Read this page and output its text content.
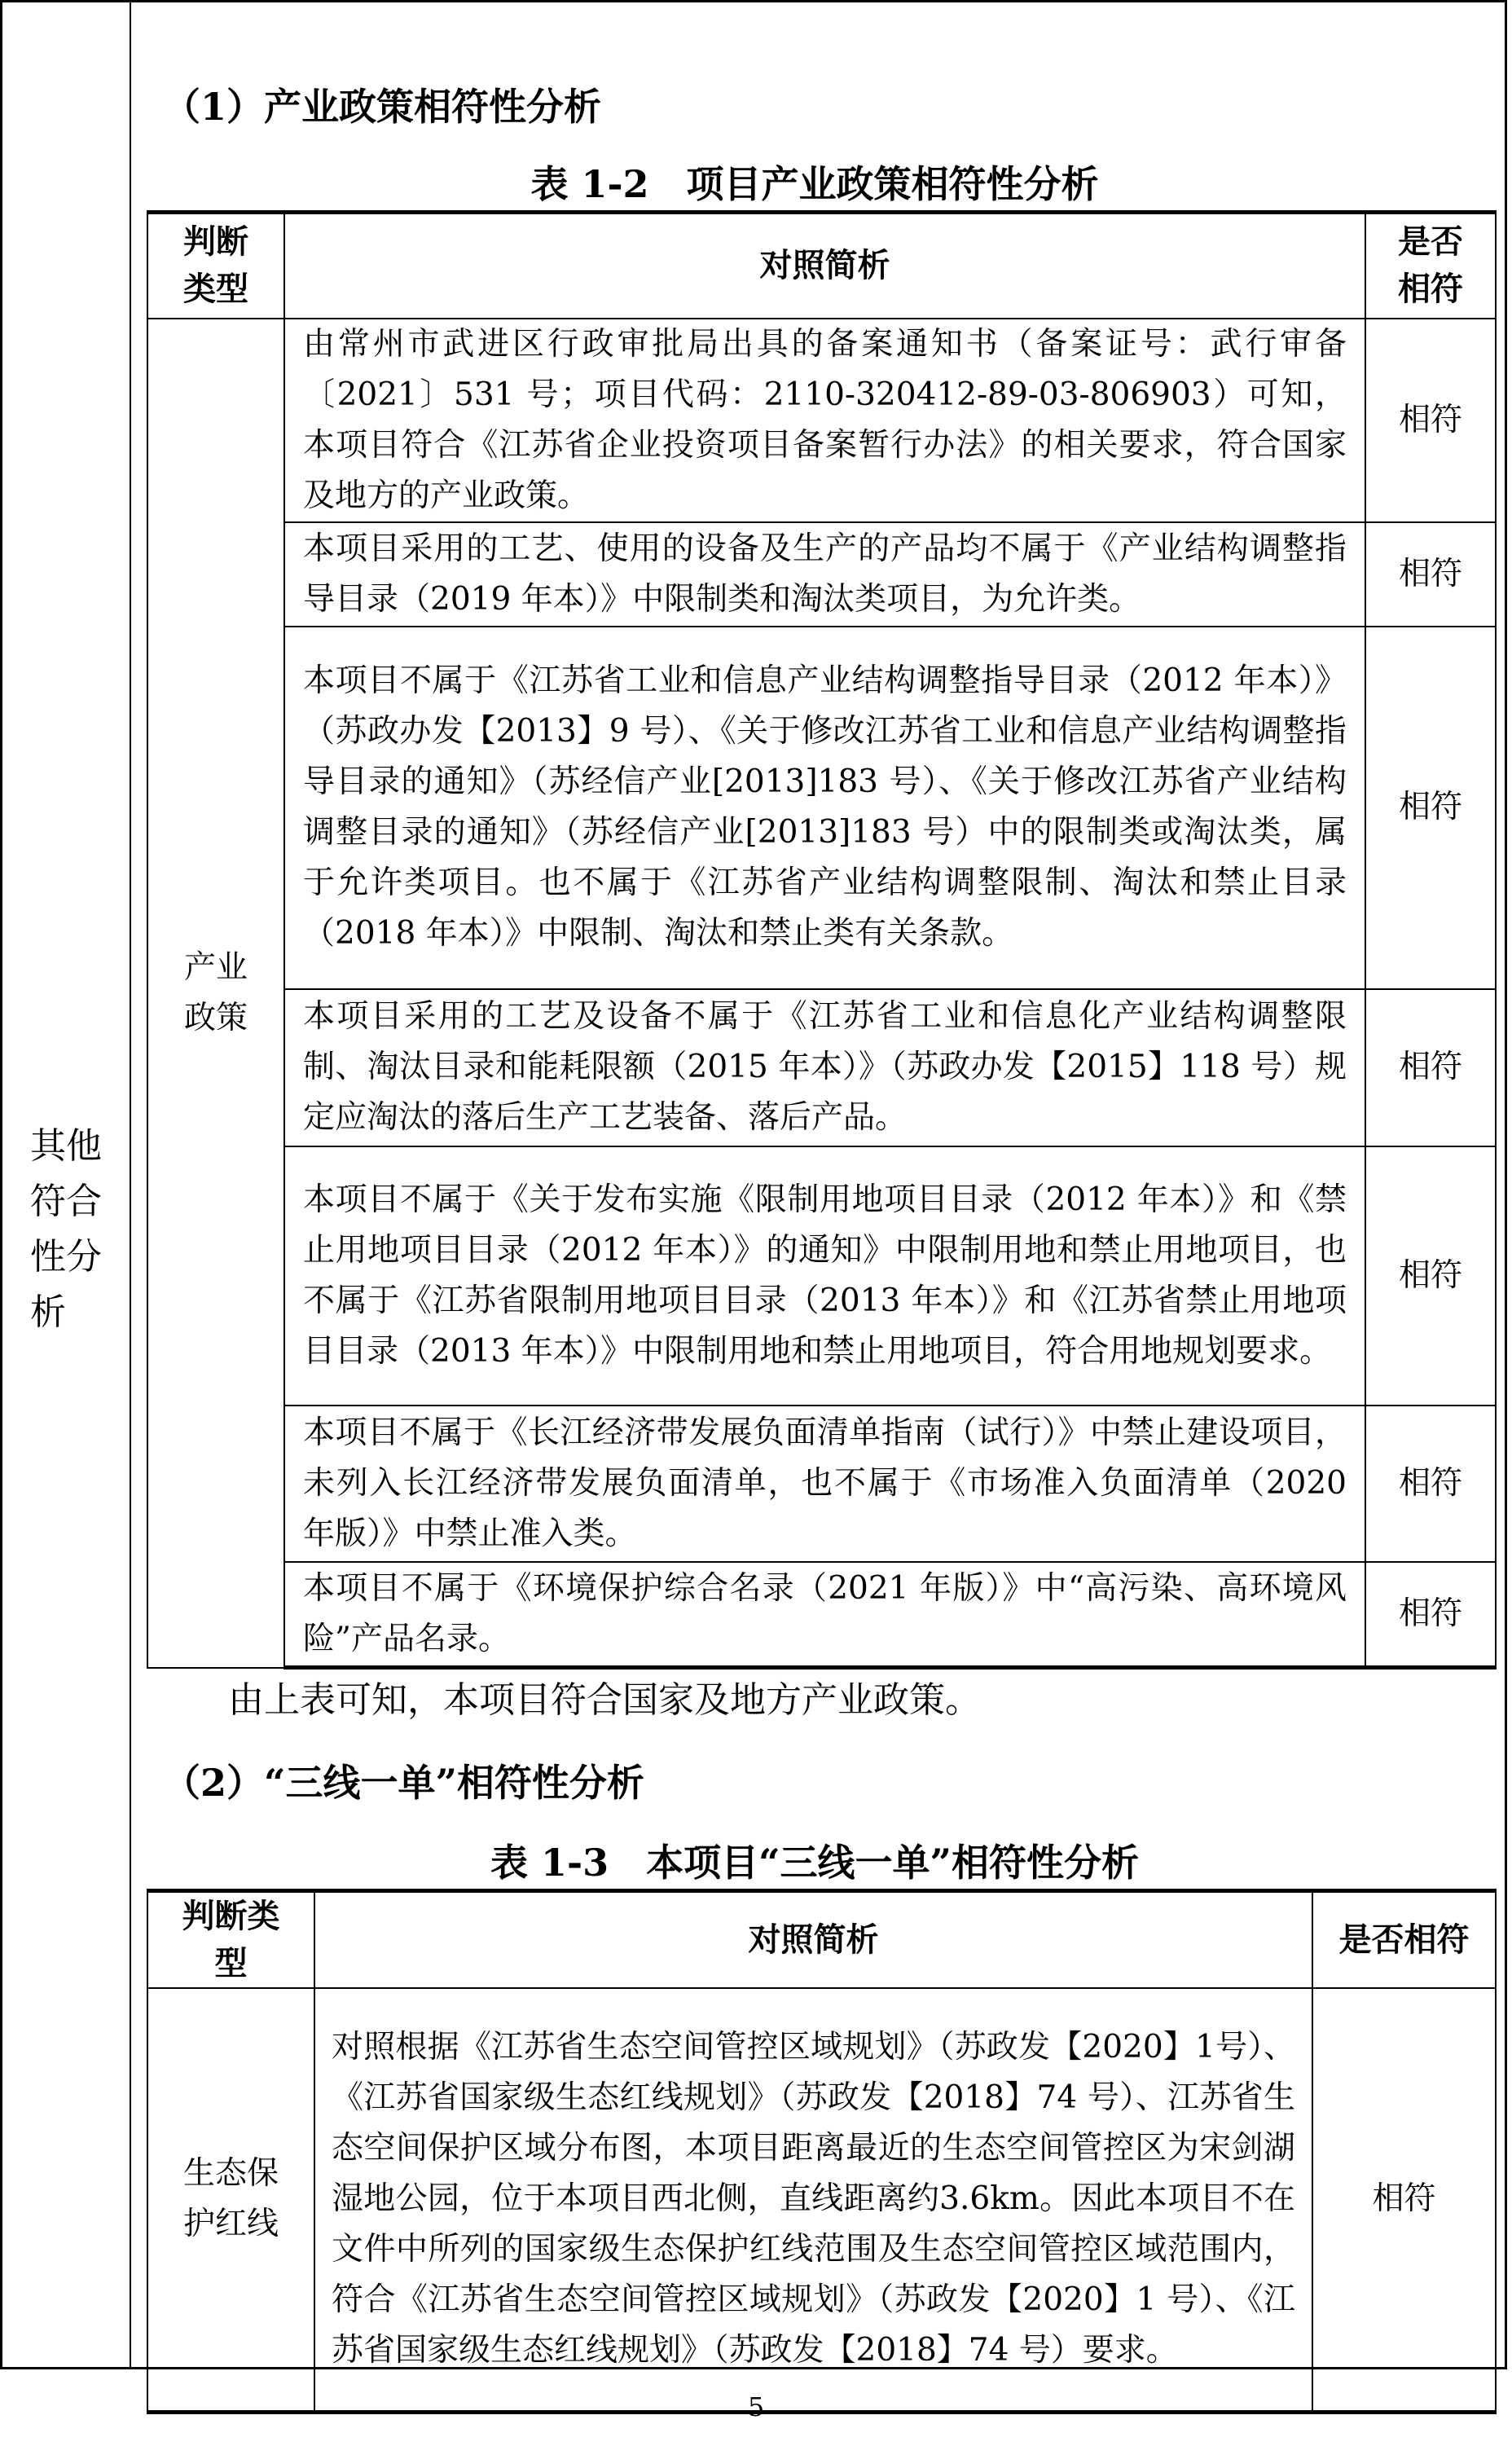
其他
符合
性分
析
（1）产业政策相符性分析
表 1-2　项目产业政策相符性分析
判断类型	对照简析	是否相符

产业政策	由常州市武进区行政审批局出具的备案通知书（备案证号：武行审备〔2021〕531 号；项目代码：2110-320412-89-03-806903）可知，本项目符合《江苏省企业投资项目备案暂行办法》的相关要求，符合国家及地方的产业政策。	相符
	本项目采用的工艺、使用的设备及生产的产品均不属于《产业结构调整指导目录（2019 年本）》中限制类和淘汰类项目，为允许类。	相符
	本项目不属于《江苏省工业和信息产业结构调整指导目录（2012 年本）》（苏政办发【2013】9 号）、《关于修改江苏省工业和信息产业结构调整指导目录的通知》（苏经信产业[2013]183 号）、《关于修改江苏省产业结构调整目录的通知》（苏经信产业[2013]183 号）中的限制类或淘汰类，属于允许类项目。也不属于《江苏省产业结构调整限制、淘汰和禁止目录（2018 年本）》中限制、淘汰和禁止类有关条款。	相符
	本项目采用的工艺及设备不属于《江苏省工业和信息化产业结构调整限制、淘汰目录和能耗限额（2015 年本）》（苏政办发【2015】118 号）规定应淘汰的落后生产工艺装备、落后产品。	相符
	本项目不属于《关于发布实施《限制用地项目目录（2012 年本）》和《禁止用地项目目录（2012 年本）》的通知》中限制用地和禁止用地项目，也不属于《江苏省限制用地项目目录（2013 年本）》和《江苏省禁止用地项目目录（2013 年本）》中限制用地和禁止用地项目，符合用地规划要求。	相符
	本项目不属于《长江经济带发展负面清单指南（试行）》中禁止建设项目，未列入长江经济带发展负面清单，也不属于《市场准入负面清单（2020 年版）》中禁止准入类。	相符
	本项目不属于《环境保护综合名录（2021 年版）》中“高污染、高环境风险”产品名录。	相符
由上表可知，本项目符合国家及地方产业政策。
（2）“三线一单”相符性分析
表 1-3　本项目“三线一单”相符性分析
判断类型	对照简析	是否相符

生态保护红线	对照根据《江苏省生态空间管控区域规划》（苏政发【2020】1号）、《江苏省国家级生态红线规划》（苏政发【2018】74 号）、江苏省生态空间保护区域分布图，本项目距离最近的生态空间管控区为宋剑湖湿地公园，位于本项目西北侧，直线距离约3.6km。因此本项目不在文件中所列的国家级生态保护红线范围及生态空间管控区域范围内，符合《江苏省生态空间管控区域规划》（苏政发【2020】1 号）、《江苏省国家级生态红线规划》（苏政发【2018】74 号）要求。	相符
5
